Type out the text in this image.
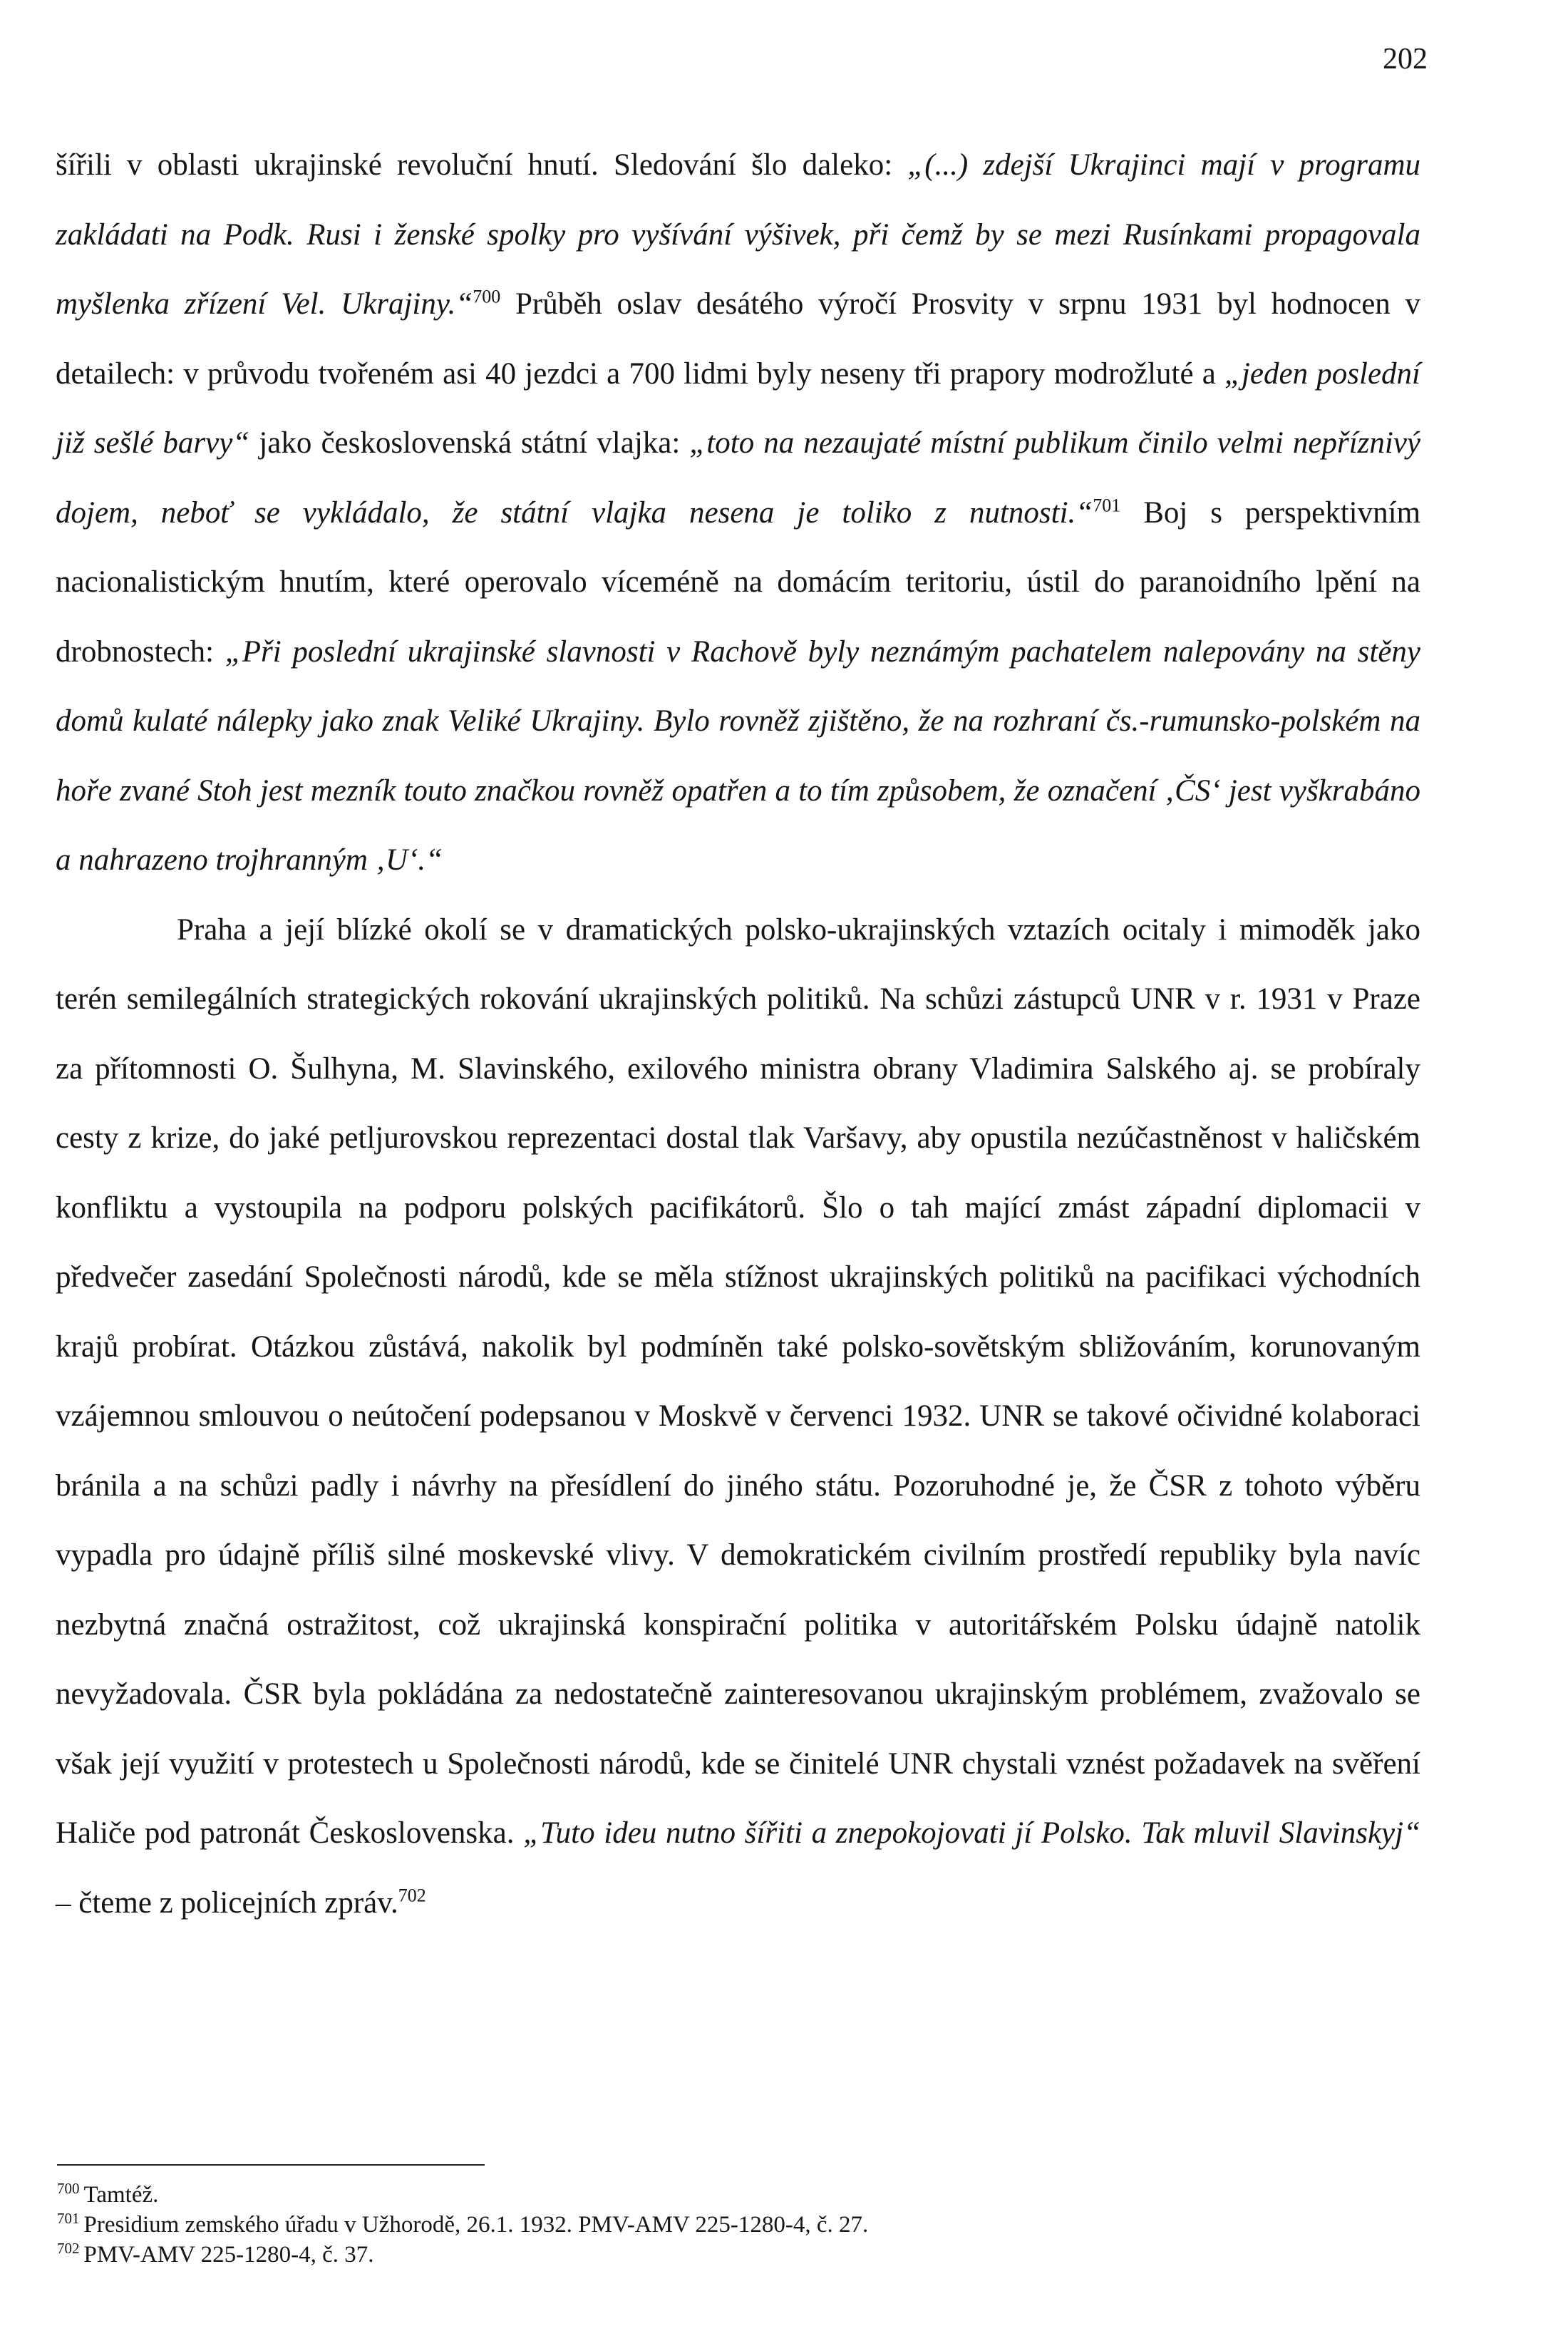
202

šířili v oblasti ukrajinské revoluční hnutí. Sledování šlo daleko: „(...) zdejší Ukrajinci mají v programu zakládati na Podk. Rusi i ženské spolky pro vyšívání výšivek, při čemž by se mezi Rusínkami propagovala myšlenka zřízení Vel. Ukrajiny.“$^{700}$ Průběh oslav desátého výročí Prosvity v srpnu 1931 byl hodnocen v detailech: v průvodu tvořeném asi 40 jezdci a 700 lidmi byly neseny tři prapory modrožluté a „jeden poslední již sešlé barvy“ jako československá státní vlajka: „toto na nezaujaté místní publikum činilo velmi nepříznivý dojem, neboť se vykládalo, že státní vlajka nesena je toliko z nutnosti.“$^{701}$ Boj s perspektivním nacionalistickým hnutím, které operovalo víceméně na domácím teritoriu, ústil do paranoidního lpění na drobnostech: „Při poslední ukrajinské slavnosti v Rachově byly neznámým pachatelem nalepovány na stěny domů kulaté nálepky jako znak Veliké Ukrajiny. Bylo rovněž zjištěno, že na rozhraní čs.-rumunsko-polském na hoře zvané Stoh jest mezník touto značkou rovněž opatřen a to tím způsobem, že označení ‚ČS‘ jest vyškrabáno a nahrazeno trojhranným ‚U‘.“

Praha a její blízké okolí se v dramatických polsko-ukrajinských vztazích ocitaly i mimoděk jako terén semilegálních strategických rokování ukrajinských politiků. Na schůzi zástupců UNR v r. 1931 v Praze za přítomnosti O. Šulhyna, M. Slavinského, exilového ministra obrany Vladimira Salského aj. se probíraly cesty z krize, do jaké petljurovskou reprezentaci dostal tlak Varšavy, aby opustila nezúčastněnost v haličském konfliktu a vystoupila na podporu polských pacifikátorů. Šlo o tah mající zmást západní diplomacii v předvečer zasedání Společnosti národů, kde se měla stížnost ukrajinských politiků na pacifikaci východních krajů probírat. Otázkou zůstává, nakolik byl podmíněn také polsko-sovětským sbližováním, korunovaným vzájemnou smlouvou o neútočení podepsanou v Moskvě v červenci 1932. UNR se takové očividné kolaboraci bránila a na schůzi padly i návrhy na přesídlení do jiného státu. Pozoruhodné je, že ČSR z tohoto výběru vypadla pro údajně příliš silné moskevské vlivy. V demokratickém civilním prostředí republiky byla navíc nezbytná značná ostražitost, což ukrajinská konspirační politika v autoritářském Polsku údajně natolik nevyžadovala. ČSR byla pokládána za nedostatečně zainteresovanou ukrajinským problémem, zvažovalo se však její využití v protestech u Společnosti národů, kde se činitelé UNR chystali vznést požadavek na svěření Haliče pod patronát Československa. „Tuto ideu nutno šířiti a znepokojovati jí Polsko. Tak mluvil Slavinskyj“ – čteme z policejních zpráv.$^{702}$

$^{700}$ Tamtéž.

$^{701}$ Presidium zemského úřadu v Užhorodě, 26.1. 1932. PMV-AMV 225-1280-4, č. 27.

$^{702}$ PMV-AMV 225-1280-4, č. 37.
